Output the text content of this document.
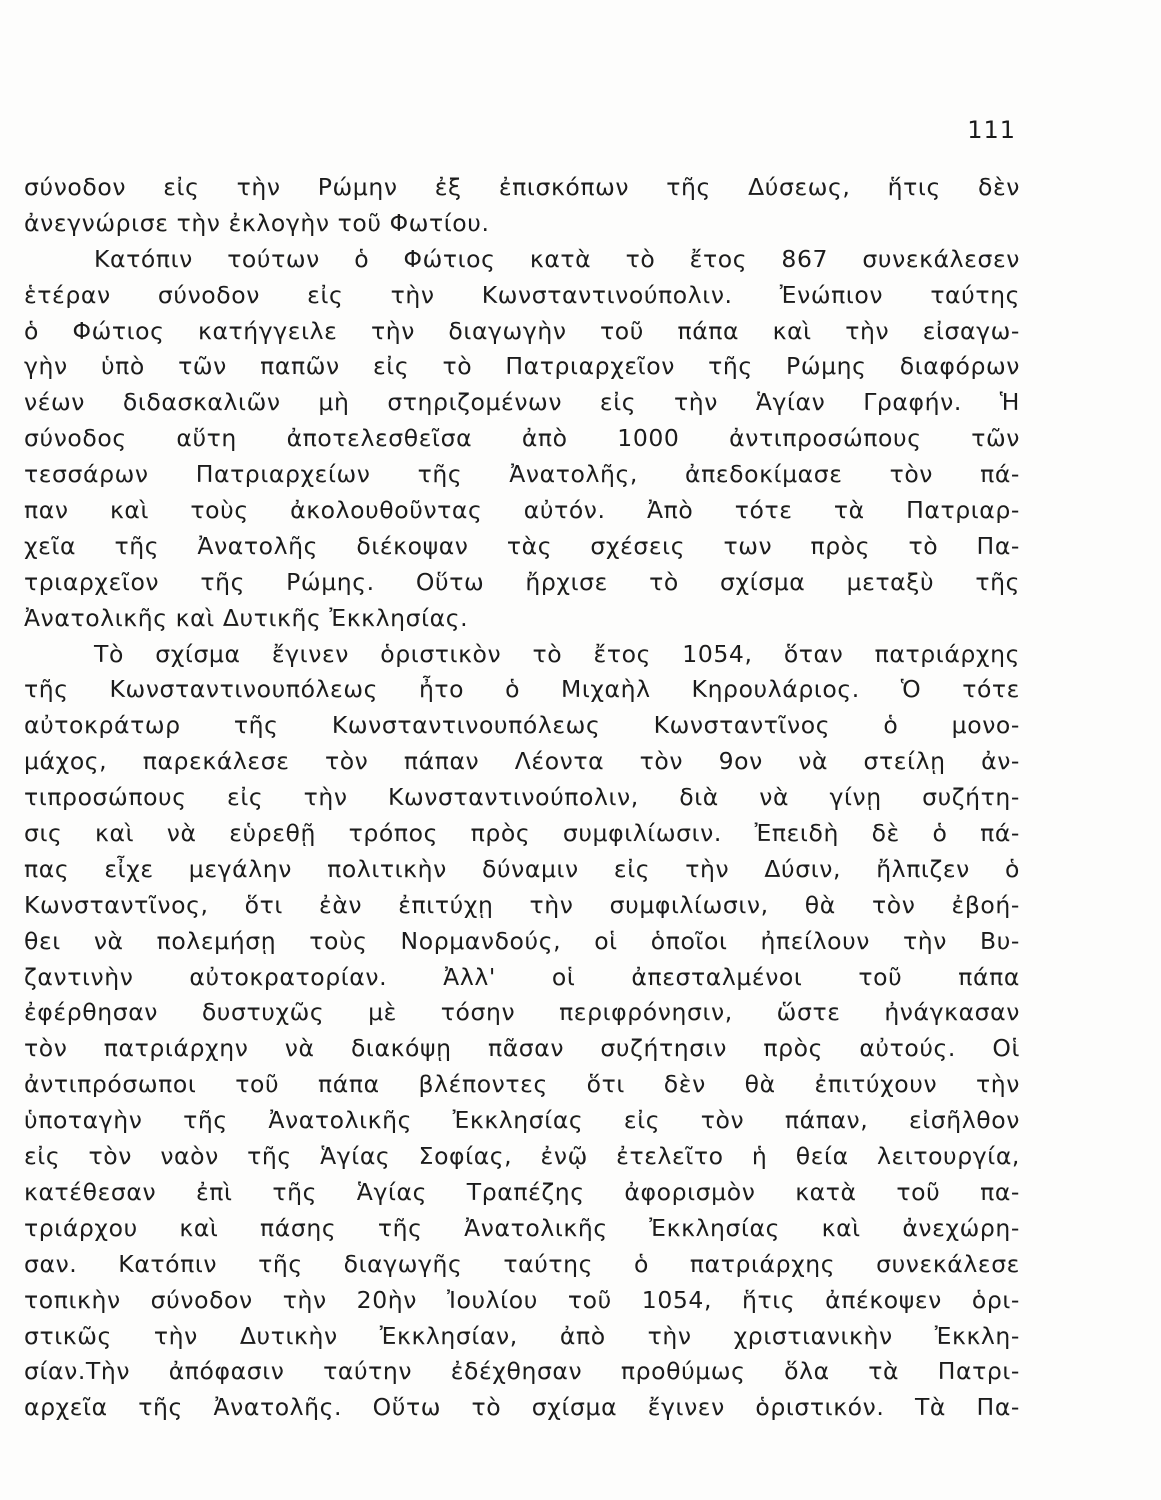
111
σύνοδον εἰς τὴν Ρώμην ἐξ ἐπισκόπων τῆς Δύσεως, ἥτις δὲν
ἀνεγνώρισε τὴν ἐκλογὴν τοῦ Φωτίου.
Κατόπιν τούτων ὁ Φώτιος κατὰ τὸ ἔτος 867 συνεκάλεσεν
ἑτέραν σύνοδον εἰς τὴν Κωνσταντινούπολιν. Ἐνώπιον ταύτης
ὁ Φώτιος κατήγγειλε τὴν διαγωγὴν τοῦ πάπα καὶ τὴν εἰσαγω-
γὴν ὑπὸ τῶν παπῶν εἰς τὸ Πατριαρχεῖον τῆς Ρώμης διαφόρων
νέων διδασκαλιῶν μὴ στηριζομένων εἰς τὴν Ἁγίαν Γραφήν. Ἡ
σύνοδος αὕτη ἀποτελεσθεῖσα ἀπὸ 1000 ἀντιπροσώπους τῶν
τεσσάρων Πατριαρχείων τῆς Ἀνατολῆς, ἀπεδοκίμασε τὸν πά-
παν καὶ τοὺς ἀκολουθοῦντας αὐτόν. Ἀπὸ τότε τὰ Πατριαρ-
χεῖα τῆς Ἀνατολῆς διέκοψαν τὰς σχέσεις των πρὸς τὸ Πα-
τριαρχεῖον τῆς Ρώμης. Οὕτω ἤρχισε τὸ σχίσμα μεταξὺ τῆς
Ἀνατολικῆς καὶ Δυτικῆς Ἐκκλησίας.
Τὸ σχίσμα ἔγινεν ὁριστικὸν τὸ ἔτος 1054, ὅταν πατριάρχης
τῆς Κωνσταντινουπόλεως ἦτο ὁ Μιχαὴλ Κηρουλάριος. Ὁ τότε
αὐτοκράτωρ τῆς Κωνσταντινουπόλεως Κωνσταντῖνος ὁ μονο-
μάχος, παρεκάλεσε τὸν πάπαν Λέοντα τὸν 9ον νὰ στείλῃ ἀν-
τιπροσώπους εἰς τὴν Κωνσταντινούπολιν, διὰ νὰ γίνῃ συζήτη-
σις καὶ νὰ εὑρεθῇ τρόπος πρὸς συμφιλίωσιν. Ἐπειδὴ δὲ ὁ πά-
πας εἶχε μεγάλην πολιτικὴν δύναμιν εἰς τὴν Δύσιν, ἤλπιζεν ὁ
Κωνσταντῖνος, ὅτι ἐὰν ἐπιτύχῃ τὴν συμφιλίωσιν, θὰ τὸν ἐβοή-
θει νὰ πολεμήσῃ τοὺς Νορμανδούς, οἱ ὁποῖοι ἠπείλουν τὴν Βυ-
ζαντινὴν αὐτοκρατορίαν. Ἀλλ' οἱ ἀπεσταλμένοι τοῦ πάπα
ἐφέρθησαν δυστυχῶς μὲ τόσην περιφρόνησιν, ὥστε ἠνάγκασαν
τὸν πατριάρχην νὰ διακόψῃ πᾶσαν συζήτησιν πρὸς αὐτούς. Οἱ
ἀντιπρόσωποι τοῦ πάπα βλέποντες ὅτι δὲν θὰ ἐπιτύχουν τὴν
ὑποταγὴν τῆς Ἀνατολικῆς Ἐκκλησίας εἰς τὸν πάπαν, εἰσῆλθον
εἰς τὸν ναὸν τῆς Ἁγίας Σοφίας, ἐνῷ ἐτελεῖτο ἡ θεία λειτουργία,
κατέθεσαν ἐπὶ τῆς Ἁγίας Τραπέζης ἀφορισμὸν κατὰ τοῦ πα-
τριάρχου καὶ πάσης τῆς Ἀνατολικῆς Ἐκκλησίας καὶ ἀνεχώρη-
σαν. Κατόπιν τῆς διαγωγῆς ταύτης ὁ πατριάρχης συνεκάλεσε
τοπικὴν σύνοδον τὴν 20ὴν Ἰουλίου τοῦ 1054, ἥτις ἀπέκοψεν ὁρι-
στικῶς τὴν Δυτικὴν Ἐκκλησίαν, ἀπὸ τὴν χριστιανικὴν Ἐκκλη-
σίαν.Τὴν ἀπόφασιν ταύτην ἐδέχθησαν προθύμως ὅλα τὰ Πατρι-
αρχεῖα τῆς Ἀνατολῆς. Οὕτω τὸ σχίσμα ἔγινεν ὁριστικόν. Τὰ Πα-
